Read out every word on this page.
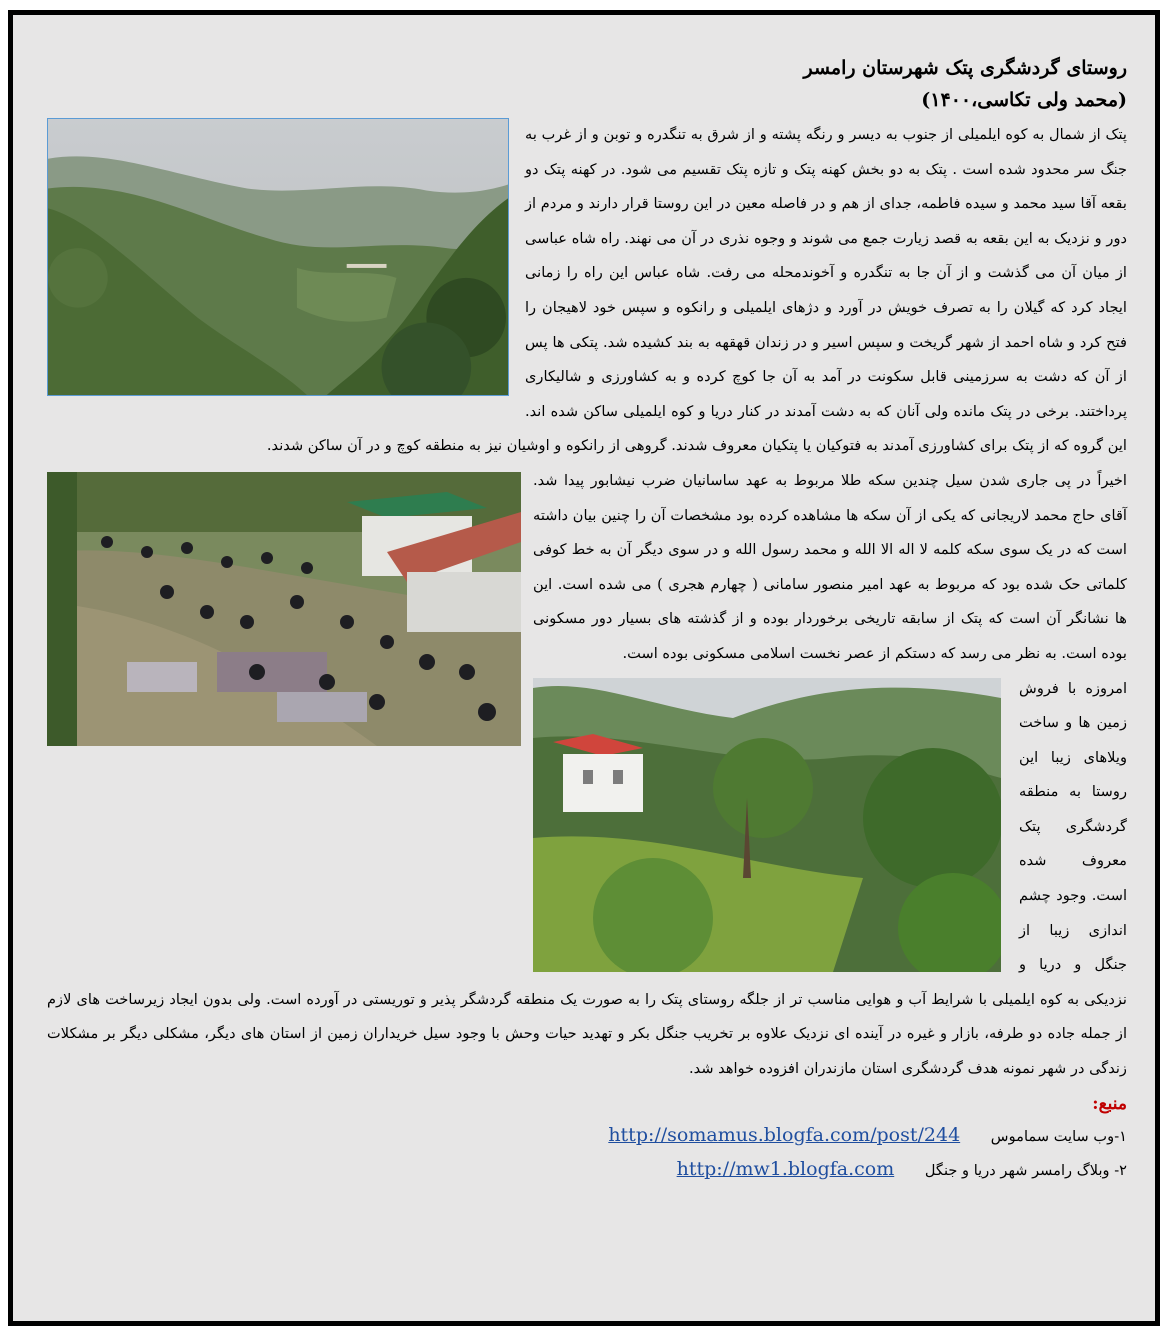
روستای گردشگری پتک شهرستان رامسر
(محمد ولی تکاسی،۱۴۰۰)

پتک از شمال به کوه ایلمیلی از جنوب به دیسر و رنگه پشته و از شرق به تنگدره و توبن و از غرب به جنگ سر محدود شده است . پتک به دو بخش کهنه پتک و تازه پتک تقسیم می شود. در کهنه پتک دو بقعه آقا سید محمد و سیده فاطمه، جدای از هم و در فاصله معین در این روستا قرار دارند و مردم از دور و نزدیک به این بقعه به قصد زیارت جمع می شوند و وجوه نذری در آن می نهند. راه شاه عباسی از میان آن می گذشت و از آن جا به تنگدره و آخوندمحله می رفت. شاه عباس این راه را زمانی ایجاد کرد که گیلان را به تصرف خویش در آورد و دژهای ایلمیلی و رانکوه و سپس خود لاهیجان را فتح کرد و شاه احمد از شهر گریخت و سپس اسیر و در زندان قهقهه به بند کشیده شد. پتکی ها پس از آن که دشت به سرزمینی قابل سکونت در آمد به آن جا کوچ کرده و به کشاورزی و شالیکاری پرداختند. برخی در پتک مانده ولی آنان که به دشت آمدند در کنار دریا و کوه ایلمیلی ساکن شده اند. این گروه که از پتک برای کشاورزی آمدند به فتوکیان یا پتکیان معروف شدند. گروهی از رانکوه و اوشیان نیز به منطقه کوچ و در آن ساکن شدند.

اخیراً در پی جاری شدن سیل چندین سکه طلا مربوط به عهد ساسانیان ضرب نیشابور پیدا شد. آقای حاج محمد لاریجانی که یکی از آن سکه ها مشاهده کرده بود مشخصات آن را چنین بیان داشته است که در یک سوی سکه کلمه لا اله الا الله و محمد رسول الله و در سوی دیگر آن به خط کوفی کلماتی حک شده بود که مربوط به عهد امیر منصور سامانی ( چهارم هجری ) می شده است. این ها نشانگر آن است که پتک از سابقه تاریخی برخوردار بوده و از گذشته های بسیار دور مسکونی بوده است. به نظر می رسد که دستکم از عصر نخست اسلامی مسکونی بوده است.

امروزه با فروش زمین ها و ساخت ویلاهای زیبا این روستا به منطقه گردشگری پتک معروف شده است. وجود چشم اندازی زیبا از جنگل و دریا و نزدیکی به کوه ایلمیلی با شرایط آب و هوایی مناسب تر از جلگه روستای پتک را به صورت یک منطقه گردشگر پذیر و توریستی در آورده است. ولی بدون ایجاد زیرساخت های لازم از جمله جاده دو طرفه، بازار و غیره در آینده ای نزدیک علاوه بر تخریب جنگل بکر و تهدید حیات وحش با وجود سیل خریداران زمین از استان های دیگر، مشکلی دیگر بر مشکلات زندگی در شهر نمونه هدف گردشگری استان مازندران افزوده خواهد شد.

منبع:
۱-وب سایت سماموس http://somamus.blogfa.com/post/244
۲- وبلاگ رامسر شهر دریا و جنگل http://mw1.blogfa.com
